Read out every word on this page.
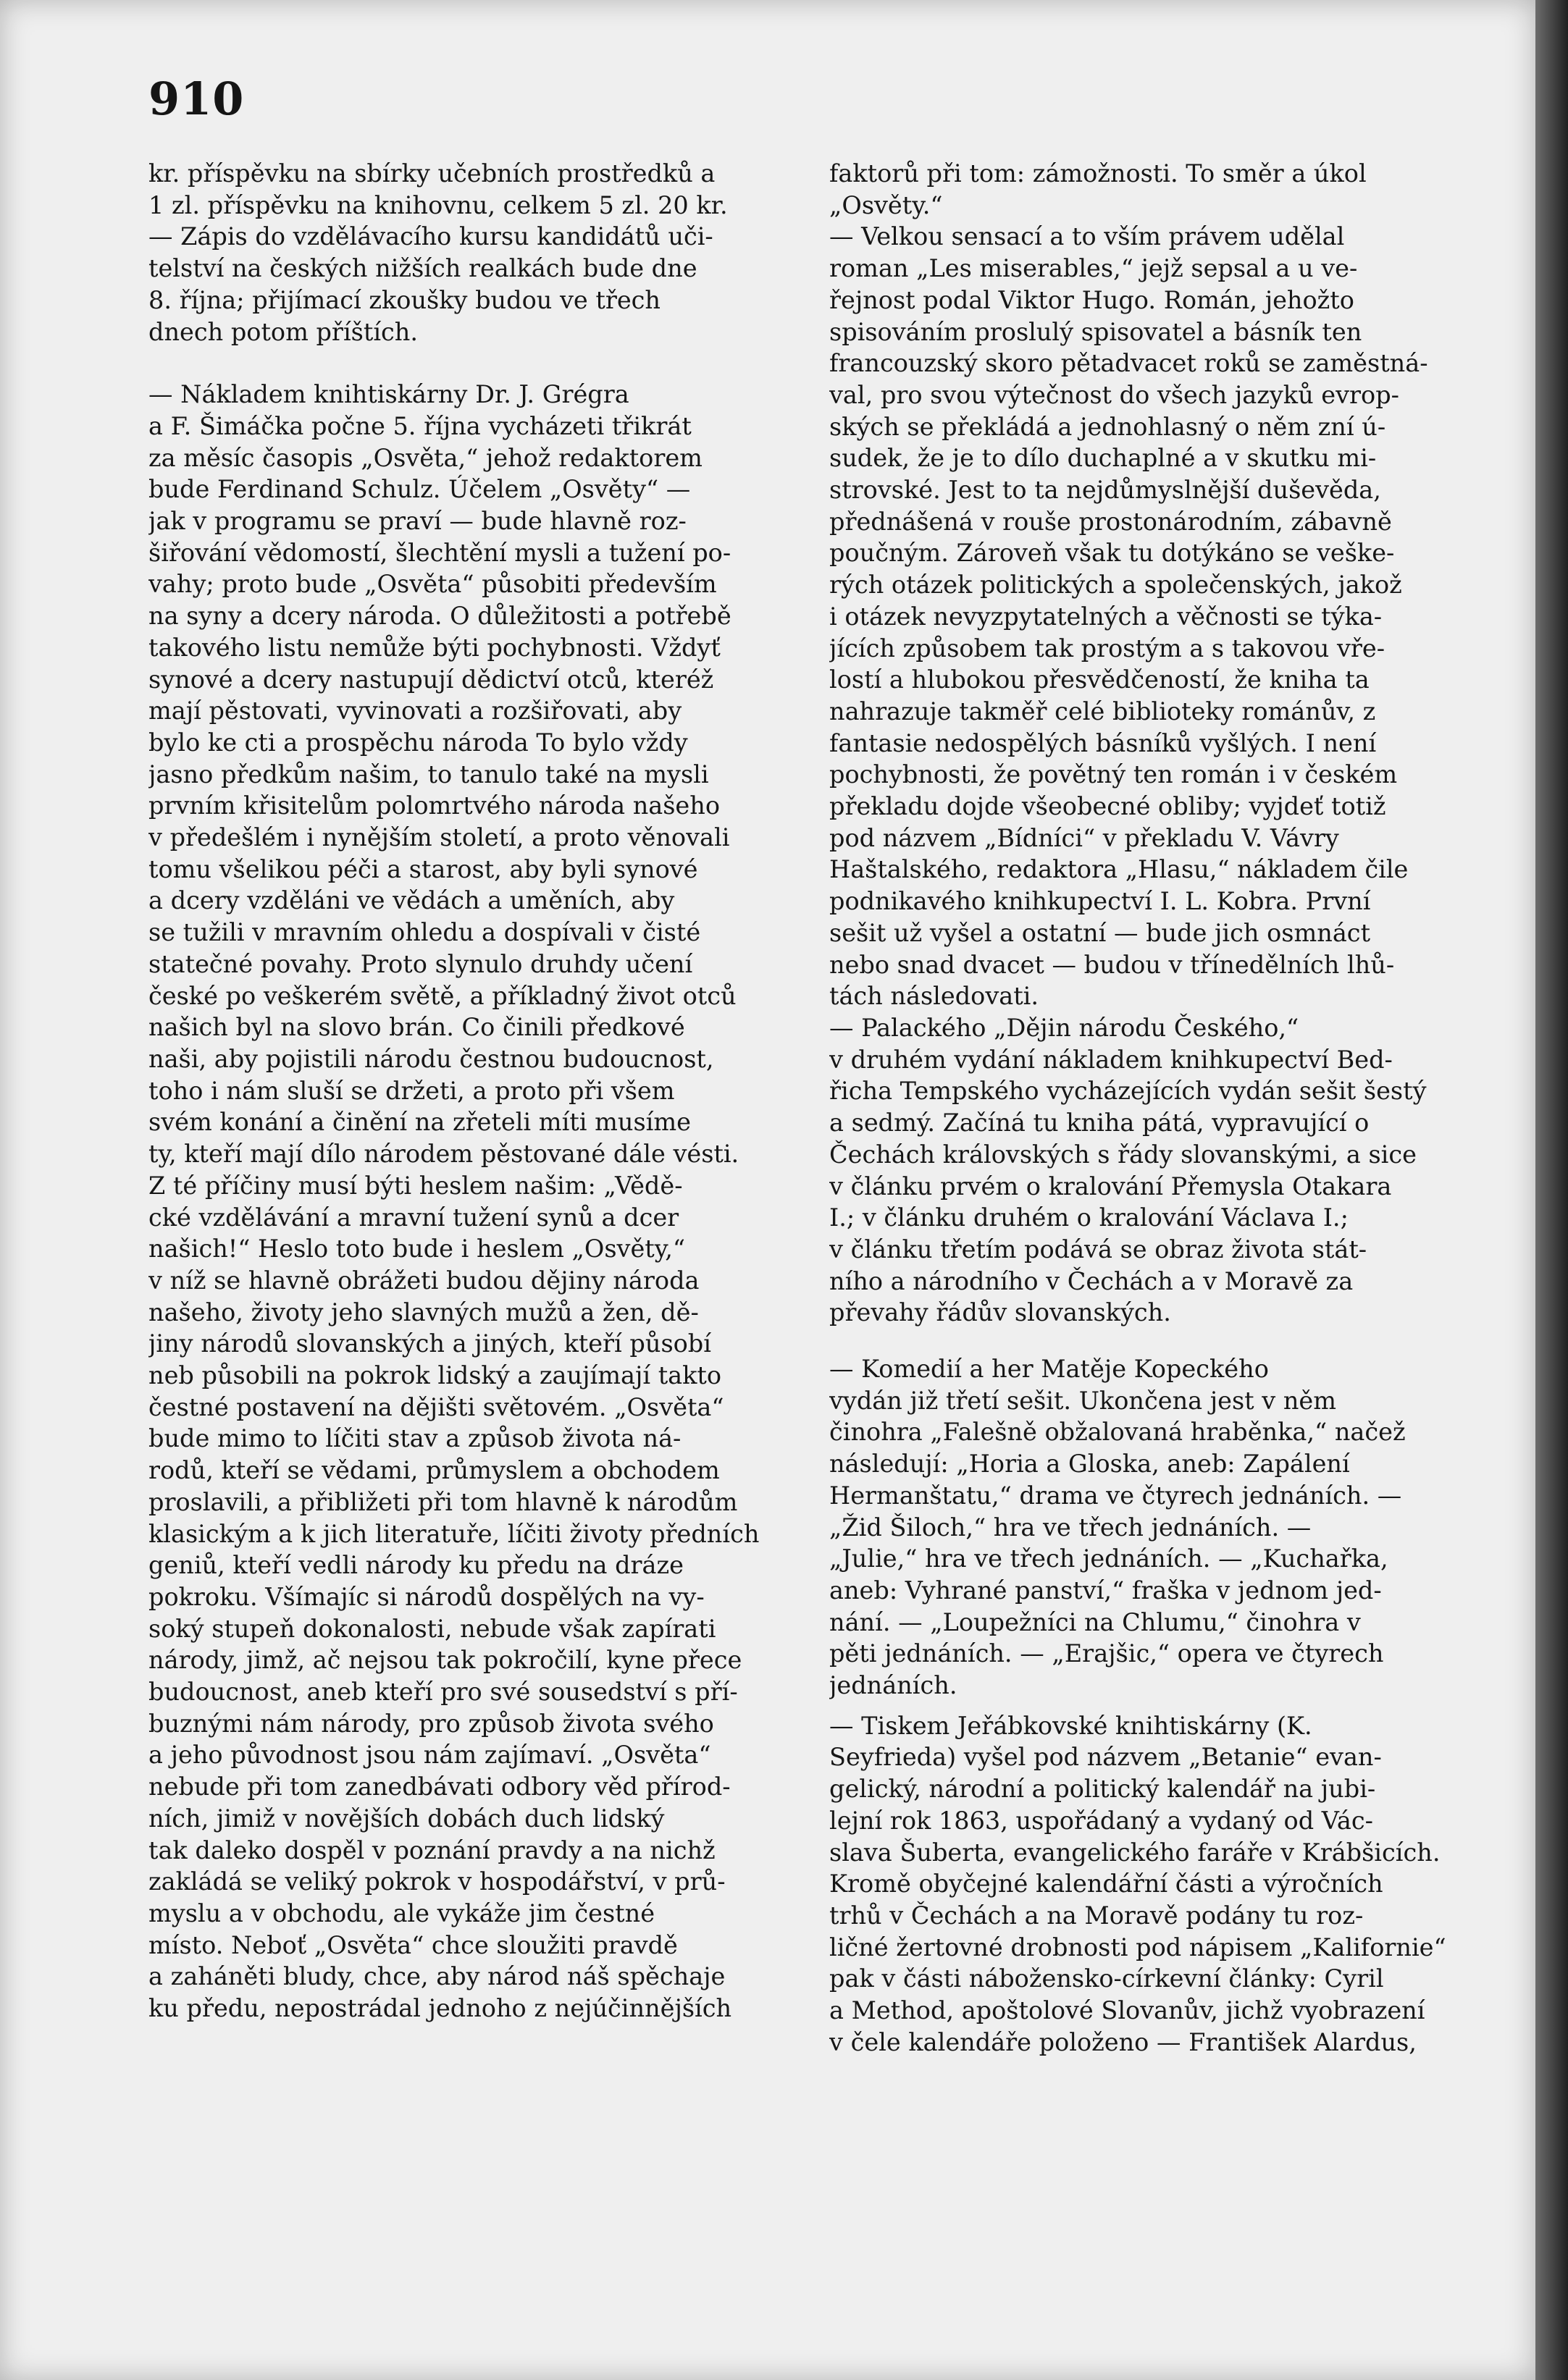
910

kr. příspěvku na sbírky učebních prostředků a
1 zl. příspěvku na knihovnu, celkem 5 zl. 20 kr.

— Zápis do vzdělávacího kursu kandidátů uči-
telství na českých nižších realkách bude dne
8. října; přijímací zkoušky budou ve třech
dnech potom příštích.

— Nákladem knihtiskárny Dr. J. Grégra
a F. Šimáčka počne 5. října vycházeti třikrát
za měsíc časopis „Osvěta,“ jehož redaktorem
bude Ferdinand Schulz. Účelem „Osvěty“ —
jak v programu se praví — bude hlavně roz-
šiřování vědomostí, šlechtění mysli a tužení po-
vahy; proto bude „Osvěta“ působiti především
na syny a dcery národa. O důležitosti a potřebě
takového listu nemůže býti pochybnosti. Vždyť
synové a dcery nastupují dědictví otců, kteréž
mají pěstovati, vyvinovati a rozšiřovati, aby
bylo ke cti a prospěchu národa To bylo vždy
jasno předkům našim, to tanulo také na mysli
prvním křisitelům polomrtvého národa našeho
v předešlém i nynějším století, a proto věnovali
tomu všelikou péči a starost, aby byli synové
a dcery vzděláni ve vědách a uměních, aby
se tužili v mravním ohledu a dospívali v čisté
statečné povahy. Proto slynulo druhdy učení
české po veškerém světě, a příkladný život otců
našich byl na slovo brán. Co činili předkové
naši, aby pojistili národu čestnou budoucnost,
toho i nám sluší se držeti, a proto při všem
svém konání a činění na zřeteli míti musíme
ty, kteří mají dílo národem pěstované dále vésti.
Z té příčiny musí býti heslem našim: „Vědě-
cké vzdělávání a mravní tužení synů a dcer
našich!“ Heslo toto bude i heslem „Osvěty,“
v níž se hlavně obrážeti budou dějiny národa
našeho, životy jeho slavných mužů a žen, dě-
jiny národů slovanských a jiných, kteří působí
neb působili na pokrok lidský a zaujímají takto
čestné postavení na dějišti světovém. „Osvěta“
bude mimo to líčiti stav a způsob života ná-
rodů, kteří se vědami, průmyslem a obchodem
proslavili, a přibližeti při tom hlavně k národům
klasickým a k jich literatuře, líčiti životy předních
geniů, kteří vedli národy ku předu na dráze
pokroku. Všímajíc si národů dospělých na vy-
soký stupeň dokonalosti, nebude však zapírati
národy, jimž, ač nejsou tak pokročilí, kyne přece
budoucnost, aneb kteří pro své sousedství s pří-
buznými nám národy, pro způsob života svého
a jeho původnost jsou nám zajímaví. „Osvěta“
nebude při tom zanedbávati odbory věd přírod-
ních, jimiž v novějších dobách duch lidský
tak daleko dospěl v poznání pravdy a na nichž
zakládá se veliký pokrok v hospodářství, v prů-
myslu a v obchodu, ale vykáže jim čestné
místo. Neboť „Osvěta“ chce sloužiti pravdě
a zaháněti bludy, chce, aby národ náš spěchaje
ku předu, nepostrádal jednoho z nejúčinnějších

faktorů při tom: zámožnosti. To směr a úkol
„Osvěty.“

— Velkou sensací a to vším právem udělal
roman „Les miserables,“ jejž sepsal a u ve-
řejnost podal Viktor Hugo. Román, jehožto
spisováním proslulý spisovatel a básník ten
francouzský skoro pětadvacet roků se zaměstná-
val, pro svou výtečnost do všech jazyků evrop-
ských se překládá a jednohlasný o něm zní ú-
sudek, že je to dílo duchaplné a v skutku mi-
strovské. Jest to ta nejdůmyslnější duševěda,
přednášená v rouše prostonárodním, zábavně
poučným. Zároveň však tu dotýkáno se veške-
rých otázek politických a společenských, jakož
i otázek nevyzpytatelných a věčnosti se týka-
jících způsobem tak prostým a s takovou vře-
lostí a hlubokou přesvědčeností, že kniha ta
nahrazuje takměř celé biblioteky románův, z
fantasie nedospělých básníků vyšlých. I není
pochybnosti, že povětný ten román i v českém
překladu dojde všeobecné obliby; vyjdeť totiž
pod názvem „Bídníci“ v překladu V. Vávry
Haštalského, redaktora „Hlasu,“ nákladem čile
podnikavého knihkupectví I. L. Kobra. První
sešit už vyšel a ostatní — bude jich osmnáct
nebo snad dvacet — budou v třínedělních lhů-
tách následovati.

— Palackého „Dějin národu Českého,“
v druhém vydání nákladem knihkupectví Bed-
řicha Tempského vycházejících vydán sešit šestý
a sedmý. Začíná tu kniha pátá, vypravující o
Čechách královských s řády slovanskými, a sice
v článku prvém o kralování Přemysla Otakara
I.; v článku druhém o kralování Václava I.;
v článku třetím podává se obraz života stát-
ního a národního v Čechách a v Moravě za
převahy řádův slovanských.

— Komedií a her Matěje Kopeckého
vydán již třetí sešit. Ukončena jest v něm
činohra „Falešně obžalovaná hraběnka,“ načež
následují: „Horia a Gloska, aneb: Zapálení
Hermanštatu,“ drama ve čtyrech jednáních. —
„Žid Šiloch,“ hra ve třech jednáních. —
„Julie,“ hra ve třech jednáních. — „Kuchařka,
aneb: Vyhrané panství,“ fraška v jednom jed-
nání. — „Loupežníci na Chlumu,“ činohra v
pěti jednáních. — „Erajšic,“ opera ve čtyrech
jednáních.

— Tiskem Jeřábkovské knihtiskárny (K.
Seyfrieda) vyšel pod názvem „Betanie“ evan-
gelický, národní a politický kalendář na jubi-
lejní rok 1863, uspořádaný a vydaný od Vác-
slava Šuberta, evangelického faráře v Krábšicích.
Kromě obyčejné kalendářní části a výročních
trhů v Čechách a na Moravě podány tu roz-
ličné žertovné drobnosti pod nápisem „Kalifornie“
pak v části nábožensko-církevní články: Cyril
a Method, apoštolové Slovanův, jichž vyobrazení
v čele kalendáře položeno — František Alardus,
